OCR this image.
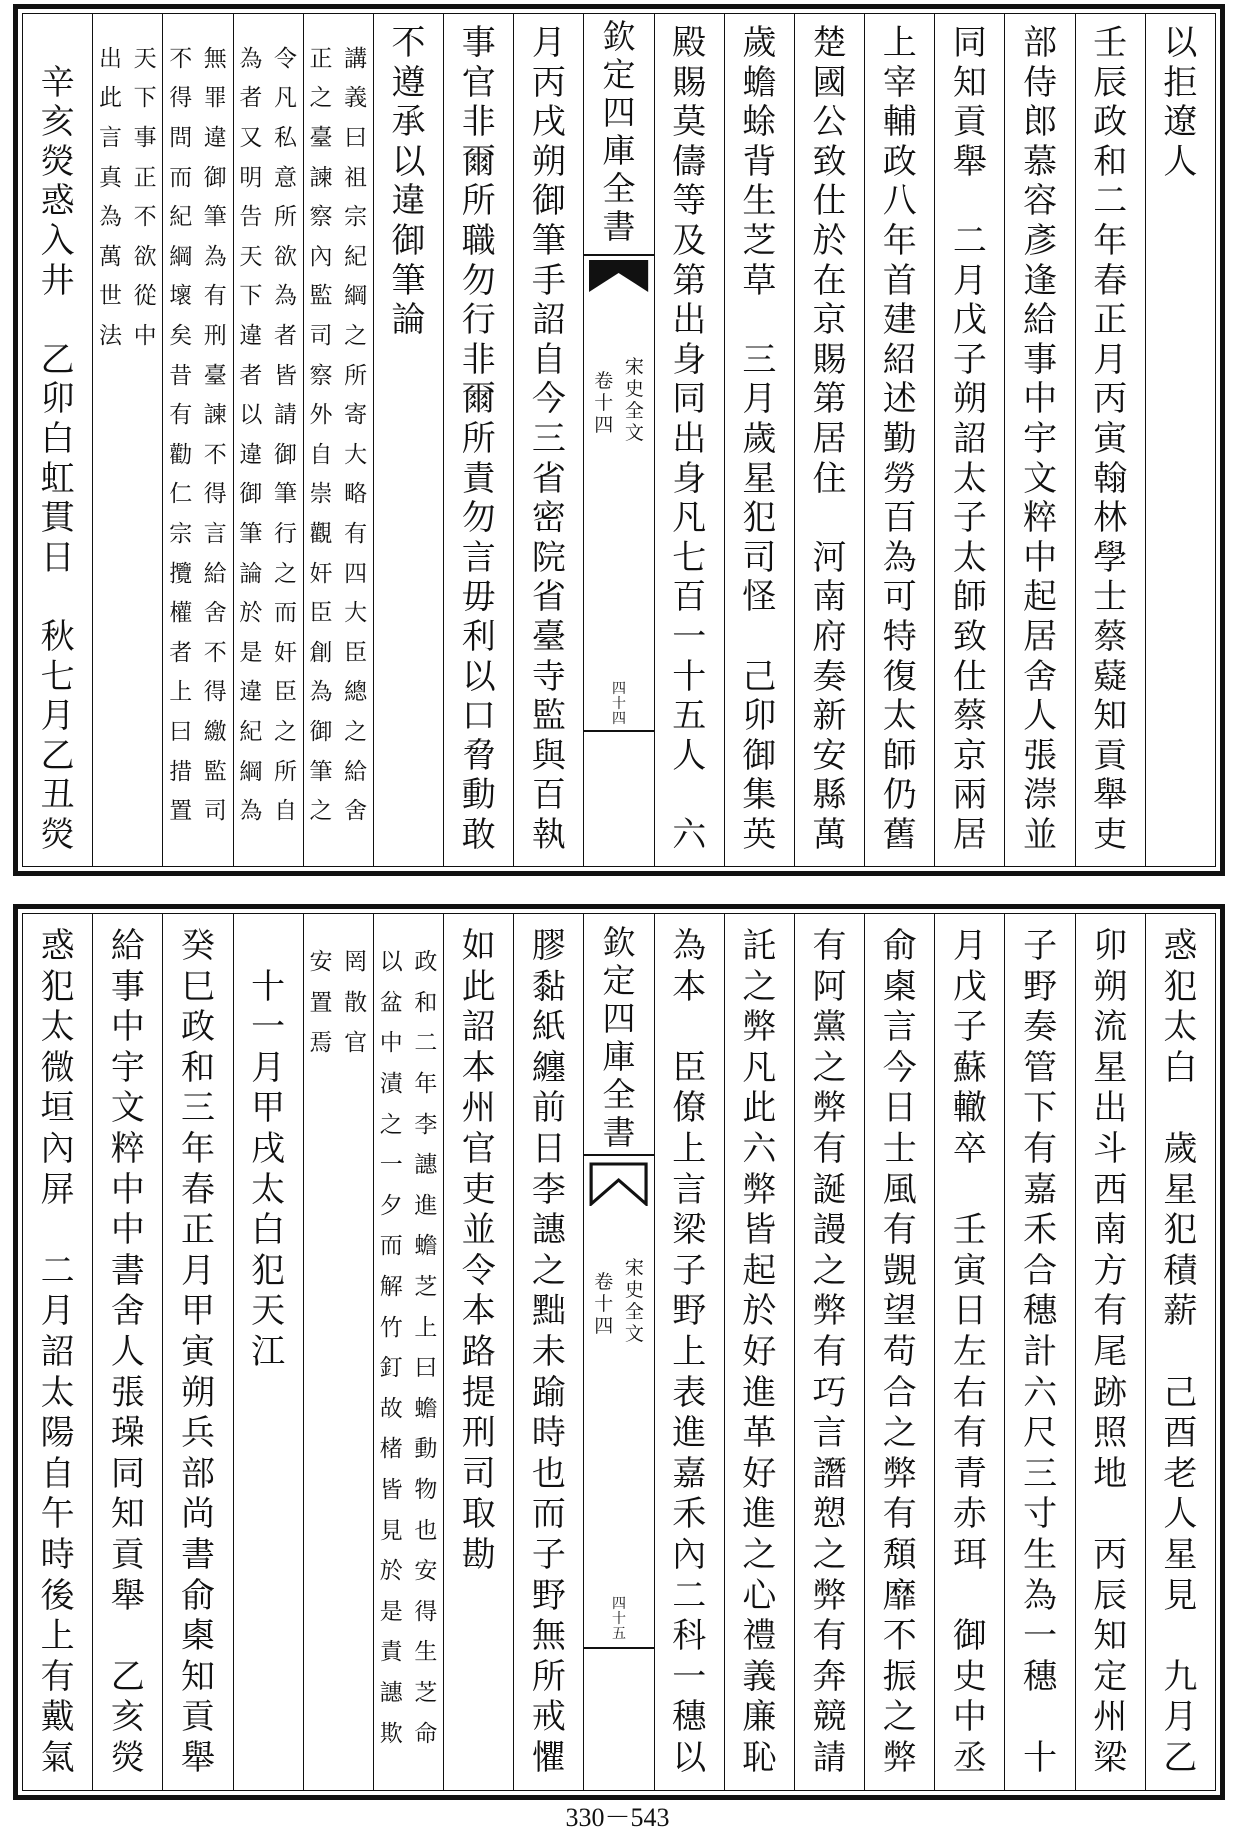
以
拒
遼
人
壬
辰
政
和
二
年
春
正
月
丙
寅
翰
林
學
士
蔡
薿
知
貢
舉
吏
部
侍
郎
慕
容
彥
逢
給
事
中
宇
文
粹
中
起
居
舍
人
張
漴
並
同
知
貢
舉

二
月
戊
子
朔
詔
太
子
太
師
致
仕
蔡
京
兩
居
上
宰
輔
政
八
年
首
建
紹
述
勤
勞
百
為
可
特
復
太
師
仍
舊
楚
國
公
致
仕
於
在
京
賜
第
居
住

河
南
府
奏
新
安
縣
萬
歲
蟾
蜍
背
生
芝
草

三
月
歲
星
犯
司
怪

己
卯
御
集
英
殿
賜
莫
儔
等
及
第
出
身
同
出
身
凡
七
百
一
十
五
人

六
欽
定
四
庫
全
書
宋
史
全
文
卷
十
四
四
十
四
月
丙
戌
朔
御
筆
手
詔
自
今
三
省
密
院
省
臺
寺
監
與
百
執
事
官
非
爾
所
職
勿
行
非
爾
所
責
勿
言
毋
利
以
口
脅
動
敢
不
遵
承
以
違
御
筆
論
講
義
曰
祖
宗
紀
綱
之
所
寄
大
略
有
四
大
臣
總
之
給
舍
正
之
臺
諫
察
內
監
司
察
外
自
崇
觀
奸
臣
創
為
御
筆
之
令
凡
私
意
所
欲
為
者
皆
請
御
筆
行
之
而
奸
臣
之
所
自
為
者
又
明
告
天
下
違
者
以
違
御
筆
論
於
是
違
紀
綱
為
無
罪
違
御
筆
為
有
刑
臺
諫
不
得
言
給
舍
不
得
繳
監
司
不
得
問
而
紀
綱
壞
矣
昔
有
勸
仁
宗
攬
權
者
上
曰
措
置
天
下
事
正
不
欲
從
中
出
此
言
真
為
萬
世
法
辛
亥
熒
惑
入
井

乙
卯
白
虹
貫
日

秋
七
月
乙
丑
熒
惑
犯
太
白

歲
星
犯
積
薪

己
酉
老
人
星
見

九
月
乙
卯
朔
流
星
出
斗
西
南
方
有
尾
跡
照
地

丙
辰
知
定
州
梁
子
野
奏
管
下
有
嘉
禾
合
穗
計
六
尺
三
寸
生
為
一
穗

十
月
戊
子
蘇
轍
卒

壬
寅
日
左
右
有
青
赤
珥

御
史
中
丞
俞
㮚
言
今
日
士
風
有
覬
望
苟
合
之
弊
有
頽
靡
不
振
之
弊
有
阿
黨
之
弊
有
誕
謾
之
弊
有
巧
言
譖
愬
之
弊
有
奔
競
請
託
之
弊
凡
此
六
弊
皆
起
於
好
進
革
好
進
之
心
禮
義
廉
恥
為
本

臣
僚
上
言
梁
子
野
上
表
進
嘉
禾
內
二
科
一
穗
以
欽
定
四
庫
全
書
宋
史
全
文
卷
十
四
四
十
五
膠
黏
紙
纏
前
日
李
譓
之
黜
未
踰
時
也
而
子
野
無
所
戒
懼
如
此
詔
本
州
官
吏
並
令
本
路
提
刑
司
取
勘
政
和
二
年
李
譓
進
蟾
芝
上
曰
蟾
動
物
也
安
得
生
芝
命
以
盆
中
漬
之
一
夕
而
解
竹
釘
故
楮
皆
見
於
是
責
譓
欺
罔
散
官
安
置
焉
十
一
月
甲
戌
太
白
犯
天
江
癸
巳
政
和
三
年
春
正
月
甲
寅
朔
兵
部
尚
書
俞
㮚
知
貢
舉
給
事
中
宇
文
粹
中
中
書
舍
人
張
璪
同
知
貢
舉

乙
亥
熒
惑
犯
太
微
垣
內
屏

二
月
詔
太
陽
自
午
時
後
上
有
戴
氣
330－543
